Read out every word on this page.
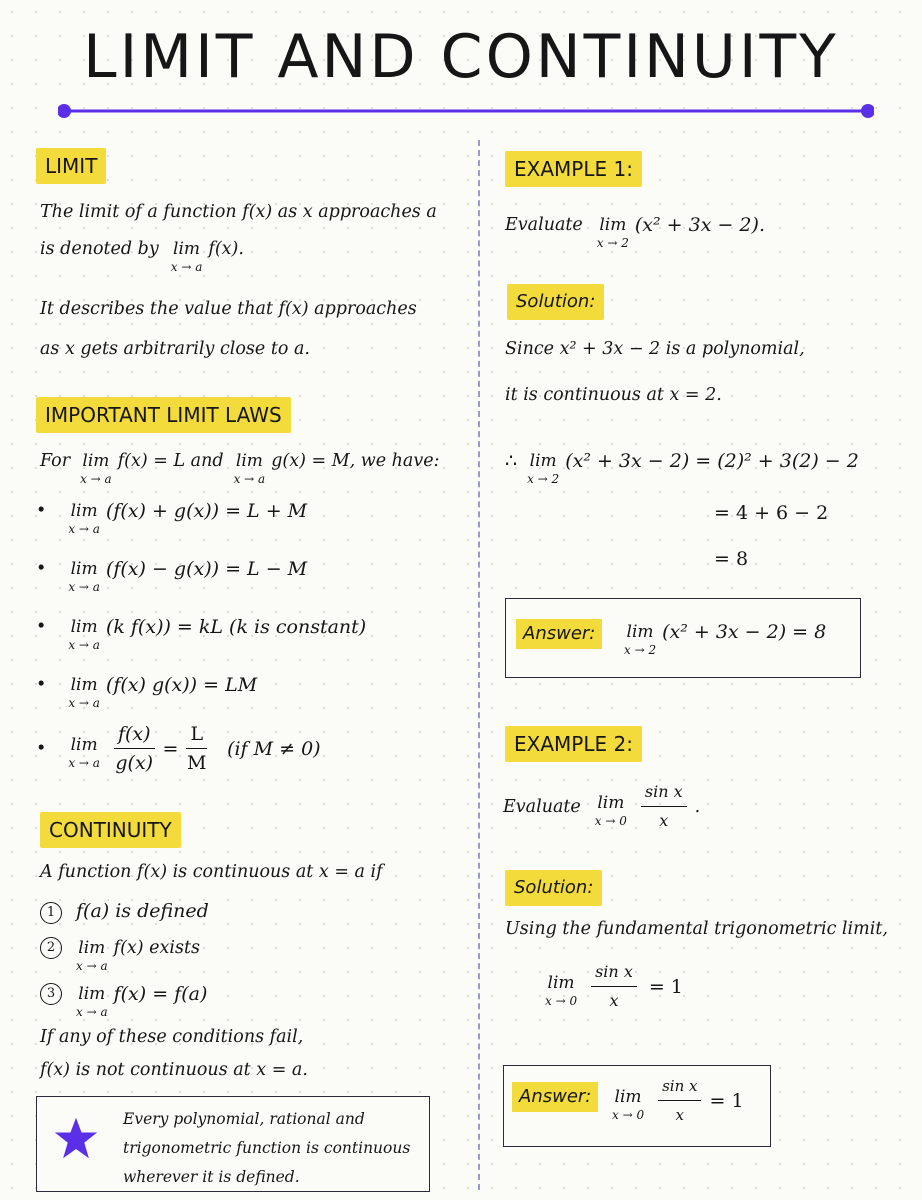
LIMIT AND CONTINUITY
LIMIT
The limit of a function f(x) as x approaches a
is denoted by lim
x → a
f(x).
It describes the value that f(x) approaches
as x gets arbitrarily close to a.
IMPORTANT LIMIT LAWS
For lim
x → a
f(x) = L and lim
x → a
g(x) = M, we have:
• lim
x → a
(f(x) + g(x)) = L + M
• lim
x → a
(f(x) − g(x)) = L − M
• lim
x → a
(k f(x)) = kL (k is constant)
• lim
x → a
(f(x) g(x)) = LM
• lim
x → a $\frac{f(x)}{g(x)} = \frac{L}{M} (if$ M ≠ 0)
CONTINUITY
A function f(x) is continuous at x = a if
1 f(a) is defined
2	lim
x → a
f(x) exists
3	lim
x → a
f(x) = f(a)
If any of these conditions fail,
f(x) is not continuous at x = a.
Every polynomial, rational and
trigonometric function is continuous
wherever it is defined.
EXAMPLE 1:
Evaluate lim
x → 2
(x² + 3x − 2).
Solution:
Since x² + 3x − 2 is a polynomial,
it is continuous at x = 2.
∴ lim
x → 2
(x² + 3x − 2) = (2)² + 3(2) − 2
= 4 + 6 − 2
= 8
Answer:	lim
x → 2
(x² + 3x − 2) = 8
EXAMPLE 2:
Evaluate lim
$x \to 0 \frac{\text{sin x}}{x}$ .
Solution:
Using the fundamental trigonometric limit,
lim
$x \to 0 \frac{\text{sin x}}{x} = 1$
Answer:	lim
$x \to 0 \frac{\text{sin x}}{x} = 1$
